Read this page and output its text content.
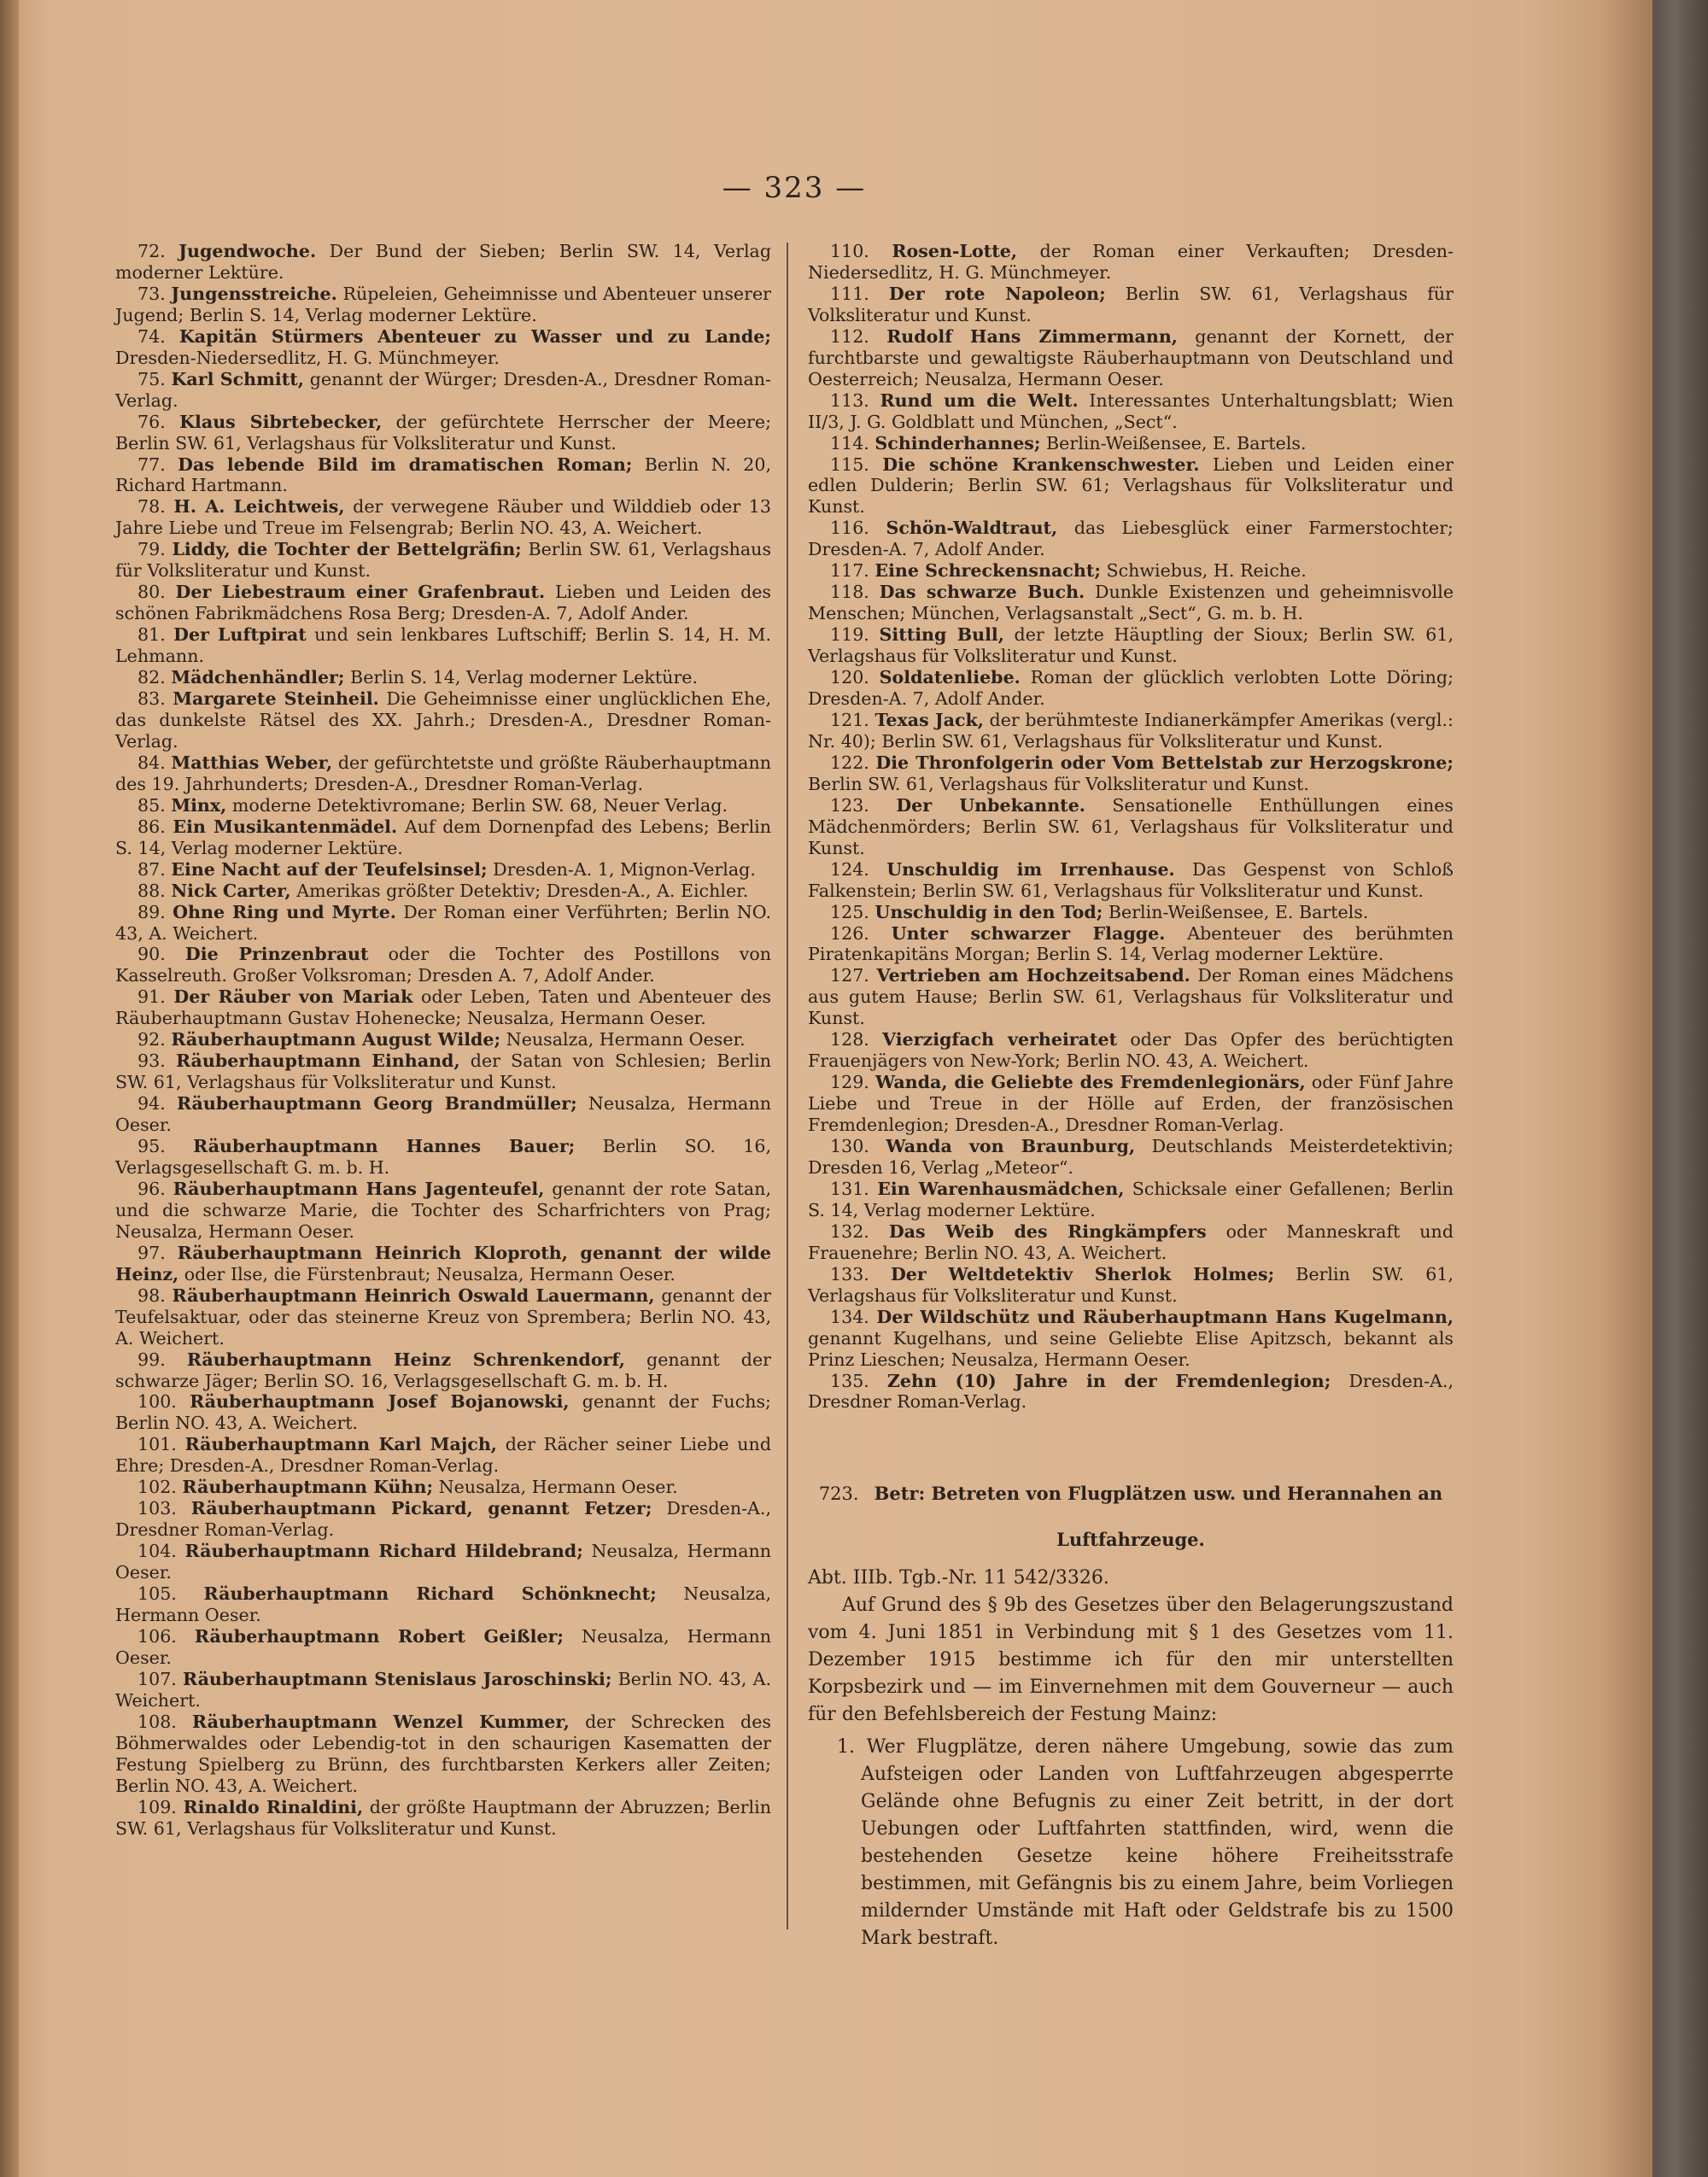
— 323 —

72. Jugendwoche. Der Bund der Sieben; Berlin SW. 14, Verlag moderner Lektüre.

73. Jungensstreiche. Rüpeleien, Geheimnisse und Abenteuer unserer Jugend; Berlin S. 14, Verlag moderner Lektüre.

74. Kapitän Stürmers Abenteuer zu Wasser und zu Lande; Dresden-Niedersedlitz, H. G. Münchmeyer.

75. Karl Schmitt, genannt der Würger; Dresden-A., Dresdner Roman-Verlag.

76. Klaus Sibrtebecker, der gefürchtete Herrscher der Meere; Berlin SW. 61, Verlagshaus für Volksliteratur und Kunst.

77. Das lebende Bild im dramatischen Roman; Berlin N. 20, Richard Hartmann.

78. H. A. Leichtweis, der verwegene Räuber und Wilddieb oder 13 Jahre Liebe und Treue im Felsengrab; Berlin NO. 43, A. Weichert.

79. Liddy, die Tochter der Bettelgräfin; Berlin SW. 61, Verlagshaus für Volksliteratur und Kunst.

80. Der Liebestraum einer Grafenbraut. Lieben und Leiden des schönen Fabrikmädchens Rosa Berg; Dresden-A. 7, Adolf Ander.

81. Der Luftpirat und sein lenkbares Luftschiff; Berlin S. 14, H. M. Lehmann.

82. Mädchenhändler; Berlin S. 14, Verlag moderner Lektüre.

83. Margarete Steinheil. Die Geheimnisse einer unglücklichen Ehe, das dunkelste Rätsel des XX. Jahrh.; Dresden-A., Dresdner Roman-Verlag.

84. Matthias Weber, der gefürchtetste und größte Räuberhauptmann des 19. Jahrhunderts; Dresden-A., Dresdner Roman-Verlag.

85. Minx, moderne Detektivromane; Berlin SW. 68, Neuer Verlag.

86. Ein Musikantenmädel. Auf dem Dornenpfad des Lebens; Berlin S. 14, Verlag moderner Lektüre.

87. Eine Nacht auf der Teufelsinsel; Dresden-A. 1, Mignon-Verlag.

88. Nick Carter, Amerikas größter Detektiv; Dresden-A., A. Eichler.

89. Ohne Ring und Myrte. Der Roman einer Verführten; Berlin NO. 43, A. Weichert.

90. Die Prinzenbraut oder die Tochter des Postillons von Kasselreuth. Großer Volksroman; Dresden A. 7, Adolf Ander.

91. Der Räuber von Mariak oder Leben, Taten und Abenteuer des Räuberhauptmann Gustav Hohenecke; Neusalza, Hermann Oeser.

92. Räuberhauptmann August Wilde; Neusalza, Hermann Oeser.

93. Räuberhauptmann Einhand, der Satan von Schlesien; Berlin SW. 61, Verlagshaus für Volksliteratur und Kunst.

94. Räuberhauptmann Georg Brandmüller; Neusalza, Hermann Oeser.

95. Räuberhauptmann Hannes Bauer; Berlin SO. 16, Verlagsgesellschaft G. m. b. H.

96. Räuberhauptmann Hans Jagenteufel, genannt der rote Satan, und die schwarze Marie, die Tochter des Scharfrichters von Prag; Neusalza, Hermann Oeser.

97. Räuberhauptmann Heinrich Kloproth, genannt der wilde Heinz, oder Ilse, die Fürstenbraut; Neusalza, Hermann Oeser.

98. Räuberhauptmann Heinrich Oswald Lauermann, genannt der Teufelsaktuar, oder das steinerne Kreuz von Sprembera; Berlin NO. 43, A. Weichert.

99. Räuberhauptmann Heinz Schrenkendorf, genannt der schwarze Jäger; Berlin SO. 16, Verlagsgesellschaft G. m. b. H.

100. Räuberhauptmann Josef Bojanowski, genannt der Fuchs; Berlin NO. 43, A. Weichert.

101. Räuberhauptmann Karl Majch, der Rächer seiner Liebe und Ehre; Dresden-A., Dresdner Roman-Verlag.

102. Räuberhauptmann Kühn; Neusalza, Hermann Oeser.

103. Räuberhauptmann Pickard, genannt Fetzer; Dresden-A., Dresdner Roman-Verlag.

104. Räuberhauptmann Richard Hildebrand; Neusalza, Hermann Oeser.

105. Räuberhauptmann Richard Schönknecht; Neusalza, Hermann Oeser.

106. Räuberhauptmann Robert Geißler; Neusalza, Hermann Oeser.

107. Räuberhauptmann Stenislaus Jaroschinski; Berlin NO. 43, A. Weichert.

108. Räuberhauptmann Wenzel Kummer, der Schrecken des Böhmerwaldes oder Lebendig-tot in den schaurigen Kasematten der Festung Spielberg zu Brünn, des furchtbarsten Kerkers aller Zeiten; Berlin NO. 43, A. Weichert.

109. Rinaldo Rinaldini, der größte Hauptmann der Abruzzen; Berlin SW. 61, Verlagshaus für Volksliteratur und Kunst.

110. Rosen-Lotte, der Roman einer Verkauften; Dresden-Niedersedlitz, H. G. Münchmeyer.

111. Der rote Napoleon; Berlin SW. 61, Verlagshaus für Volksliteratur und Kunst.

112. Rudolf Hans Zimmermann, genannt der Kornett, der furchtbarste und gewaltigste Räuberhauptmann von Deutschland und Oesterreich; Neusalza, Hermann Oeser.

113. Rund um die Welt. Interessantes Unterhaltungsblatt; Wien II/3, J. G. Goldblatt und München, „Sect“.

114. Schinderhannes; Berlin-Weißensee, E. Bartels.

115. Die schöne Krankenschwester. Lieben und Leiden einer edlen Dulderin; Berlin SW. 61; Verlagshaus für Volksliteratur und Kunst.

116. Schön-Waldtraut, das Liebesglück einer Farmerstochter; Dresden-A. 7, Adolf Ander.

117. Eine Schreckensnacht; Schwiebus, H. Reiche.

118. Das schwarze Buch. Dunkle Existenzen und geheimnisvolle Menschen; München, Verlagsanstalt „Sect“, G. m. b. H.

119. Sitting Bull, der letzte Häuptling der Sioux; Berlin SW. 61, Verlagshaus für Volksliteratur und Kunst.

120. Soldatenliebe. Roman der glücklich verlobten Lotte Döring; Dresden-A. 7, Adolf Ander.

121. Texas Jack, der berühmteste Indianerkämpfer Amerikas (vergl.: Nr. 40); Berlin SW. 61, Verlagshaus für Volksliteratur und Kunst.

122. Die Thronfolgerin oder Vom Bettelstab zur Herzogskrone; Berlin SW. 61, Verlagshaus für Volksliteratur und Kunst.

123. Der Unbekannte. Sensationelle Enthüllungen eines Mädchenmörders; Berlin SW. 61, Verlagshaus für Volksliteratur und Kunst.

124. Unschuldig im Irrenhause. Das Gespenst von Schloß Falkenstein; Berlin SW. 61, Verlagshaus für Volksliteratur und Kunst.

125. Unschuldig in den Tod; Berlin-Weißensee, E. Bartels.

126. Unter schwarzer Flagge. Abenteuer des berühmten Piratenkapitäns Morgan; Berlin S. 14, Verlag moderner Lektüre.

127. Vertrieben am Hochzeitsabend. Der Roman eines Mädchens aus gutem Hause; Berlin SW. 61, Verlagshaus für Volksliteratur und Kunst.

128. Vierzigfach verheiratet oder Das Opfer des berüchtigten Frauenjägers von New-York; Berlin NO. 43, A. Weichert.

129. Wanda, die Geliebte des Fremdenlegionärs, oder Fünf Jahre Liebe und Treue in der Hölle auf Erden, der französischen Fremdenlegion; Dresden-A., Dresdner Roman-Verlag.

130. Wanda von Braunburg, Deutschlands Meisterdetektivin; Dresden 16, Verlag „Meteor“.

131. Ein Warenhausmädchen, Schicksale einer Gefallenen; Berlin S. 14, Verlag moderner Lektüre.

132. Das Weib des Ringkämpfers oder Manneskraft und Frauenehre; Berlin NO. 43, A. Weichert.

133. Der Weltdetektiv Sherlok Holmes; Berlin SW. 61, Verlagshaus für Volksliteratur und Kunst.

134. Der Wildschütz und Räuberhauptmann Hans Kugelmann, genannt Kugelhans, und seine Geliebte Elise Apitzsch, bekannt als Prinz Lieschen; Neusalza, Hermann Oeser.

135. Zehn (10) Jahre in der Fremdenlegion; Dresden-A., Dresdner Roman-Verlag.

723. Betr: Betreten von Flugplätzen usw. und Herannahen an Luftfahrzeuge.

Abt. IIIb. Tgb.-Nr. 11 542/3326.

Auf Grund des § 9b des Gesetzes über den Belagerungszustand vom 4. Juni 1851 in Verbindung mit § 1 des Gesetzes vom 11. Dezember 1915 bestimme ich für den mir unterstellten Korpsbezirk und — im Einvernehmen mit dem Gouverneur — auch für den Befehlsbereich der Festung Mainz:

1. Wer Flugplätze, deren nähere Umgebung, sowie das zum Aufsteigen oder Landen von Luftfahrzeugen abgesperrte Gelände ohne Befugnis zu einer Zeit betritt, in der dort Uebungen oder Luftfahrten stattfinden, wird, wenn die bestehenden Gesetze keine höhere Freiheitsstrafe bestimmen, mit Gefängnis bis zu einem Jahre, beim Vorliegen mildernder Umstände mit Haft oder Geldstrafe bis zu 1500 Mark bestraft.
